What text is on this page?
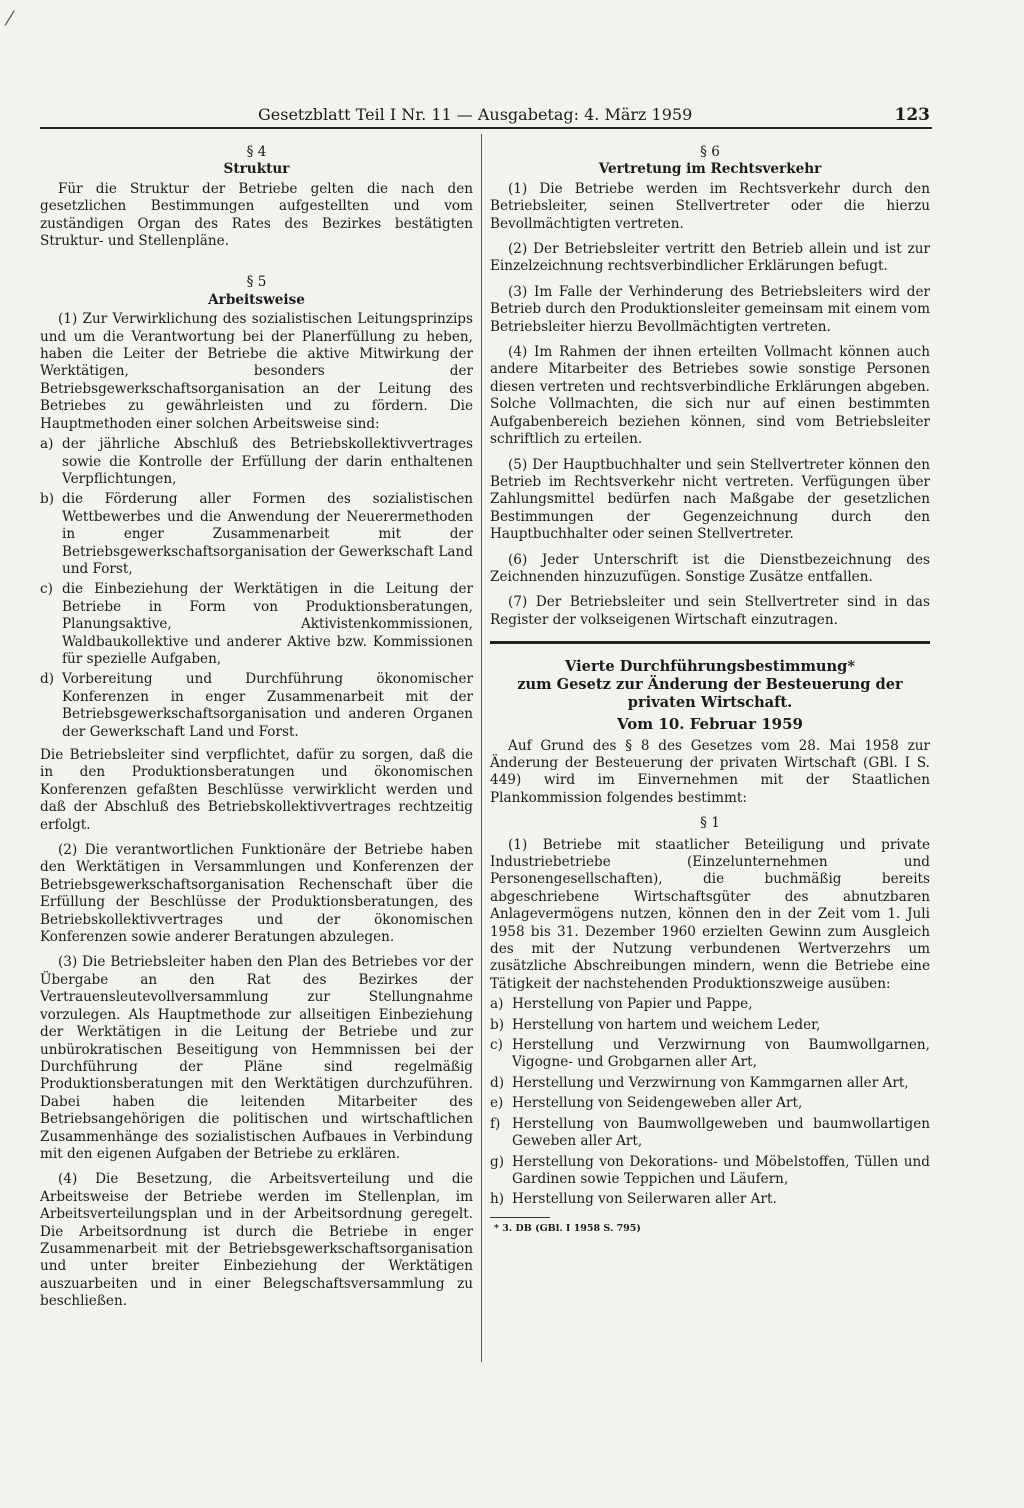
⁄
Gesetzblatt Teil I Nr. 11 — Ausgabetag: 4. März 1959	123

§ 4

Struktur

Für die Struktur der Betriebe gelten die nach den gesetzlichen Bestimmungen aufgestellten und vom zuständigen Organ des Rates des Bezirkes bestätigten Struktur- und Stellenpläne.

§ 5

Arbeitsweise

(1) Zur Verwirklichung des sozialistischen Leitungsprinzips und um die Verantwortung bei der Planerfüllung zu heben, haben die Leiter der Betriebe die aktive Mitwirkung der Werktätigen, besonders der Betriebsgewerkschaftsorganisation an der Leitung des Betriebes zu gewährleisten und zu fördern. Die Hauptmethoden einer solchen Arbeitsweise sind:

a) der jährliche Abschluß des Betriebskollektivvertrages sowie die Kontrolle der Erfüllung der darin enthaltenen Verpflichtungen,
b) die Förderung aller Formen des sozialistischen Wettbewerbes und die Anwendung der Neuerermethoden in enger Zusammenarbeit mit der Betriebsgewerkschaftsorganisation der Gewerkschaft Land und Forst,
c) die Einbeziehung der Werktätigen in die Leitung der Betriebe in Form von Produktionsberatungen, Planungsaktive, Aktivistenkommissionen, Waldbaukollektive und anderer Aktive bzw. Kommissionen für spezielle Aufgaben,
d) Vorbereitung und Durchführung ökonomischer Konferenzen in enger Zusammenarbeit mit der Betriebsgewerkschaftsorganisation und anderen Organen der Gewerkschaft Land und Forst.

Die Betriebsleiter sind verpflichtet, dafür zu sorgen, daß die in den Produktionsberatungen und ökonomischen Konferenzen gefaßten Beschlüsse verwirklicht werden und daß der Abschluß des Betriebskollektivvertrages rechtzeitig erfolgt.

(2) Die verantwortlichen Funktionäre der Betriebe haben den Werktätigen in Versammlungen und Konferenzen der Betriebsgewerkschaftsorganisation Rechenschaft über die Erfüllung der Beschlüsse der Produktionsberatungen, des Betriebskollektivvertrages und der ökonomischen Konferenzen sowie anderer Beratungen abzulegen.

(3) Die Betriebsleiter haben den Plan des Betriebes vor der Übergabe an den Rat des Bezirkes der Vertrauensleutevollversammlung zur Stellungnahme vorzulegen. Als Hauptmethode zur allseitigen Einbeziehung der Werktätigen in die Leitung der Betriebe und zur unbürokratischen Beseitigung von Hemmnissen bei der Durchführung der Pläne sind regelmäßig Produktionsberatungen mit den Werktätigen durchzuführen. Dabei haben die leitenden Mitarbeiter des Betriebsangehörigen die politischen und wirtschaftlichen Zusammenhänge des sozialistischen Aufbaues in Verbindung mit den eigenen Aufgaben der Betriebe zu erklären.

(4) Die Besetzung, die Arbeitsverteilung und die Arbeitsweise der Betriebe werden im Stellenplan, im Arbeitsverteilungsplan und in der Arbeitsordnung geregelt. Die Arbeitsordnung ist durch die Betriebe in enger Zusammenarbeit mit der Betriebsgewerkschaftsorganisation und unter breiter Einbeziehung der Werktätigen auszuarbeiten und in einer Belegschaftsversammlung zu beschließen.

§ 6

Vertretung im Rechtsverkehr

(1) Die Betriebe werden im Rechtsverkehr durch den Betriebsleiter, seinen Stellvertreter oder die hierzu Bevollmächtigten vertreten.

(2) Der Betriebsleiter vertritt den Betrieb allein und ist zur Einzelzeichnung rechtsverbindlicher Erklärungen befugt.

(3) Im Falle der Verhinderung des Betriebsleiters wird der Betrieb durch den Produktionsleiter gemeinsam mit einem vom Betriebsleiter hierzu Bevollmächtigten vertreten.

(4) Im Rahmen der ihnen erteilten Vollmacht können auch andere Mitarbeiter des Betriebes sowie sonstige Personen diesen vertreten und rechtsverbindliche Erklärungen abgeben. Solche Vollmachten, die sich nur auf einen bestimmten Aufgabenbereich beziehen können, sind vom Betriebsleiter schriftlich zu erteilen.

(5) Der Hauptbuchhalter und sein Stellvertreter können den Betrieb im Rechtsverkehr nicht vertreten. Verfügungen über Zahlungsmittel bedürfen nach Maßgabe der gesetzlichen Bestimmungen der Gegenzeichnung durch den Hauptbuchhalter oder seinen Stellvertreter.

(6) Jeder Unterschrift ist die Dienstbezeichnung des Zeichnenden hinzuzufügen. Sonstige Zusätze entfallen.

(7) Der Betriebsleiter und sein Stellvertreter sind in das Register der volkseigenen Wirtschaft einzutragen.

Vierte Durchführungsbestimmung*
zum Gesetz zur Änderung der Besteuerung der
privaten Wirtschaft.

Vom 10. Februar 1959

Auf Grund des § 8 des Gesetzes vom 28. Mai 1958 zur Änderung der Besteuerung der privaten Wirtschaft (GBl. I S. 449) wird im Einvernehmen mit der Staatlichen Plankommission folgendes bestimmt:

§ 1

(1) Betriebe mit staatlicher Beteiligung und private Industriebetriebe (Einzelunternehmen und Personengesellschaften), die buchmäßig bereits abgeschriebene Wirtschaftsgüter des abnutzbaren Anlagevermögens nutzen, können den in der Zeit vom 1. Juli 1958 bis 31. Dezember 1960 erzielten Gewinn zum Ausgleich des mit der Nutzung verbundenen Wertverzehrs um zusätzliche Abschreibungen mindern, wenn die Betriebe eine Tätigkeit der nachstehenden Produktionszweige ausüben:

a) Herstellung von Papier und Pappe,
b) Herstellung von hartem und weichem Leder,
c) Herstellung und Verzwirnung von Baumwollgarnen, Vigogne- und Grobgarnen aller Art,
d) Herstellung und Verzwirnung von Kammgarnen aller Art,
e) Herstellung von Seidengeweben aller Art,
f) Herstellung von Baumwollgeweben und baumwollartigen Geweben aller Art,
g) Herstellung von Dekorations- und Möbelstoffen, Tüllen und Gardinen sowie Teppichen und Läufern,
h) Herstellung von Seilerwaren aller Art.
* 3. DB (GBl. I 1958 S. 795)
